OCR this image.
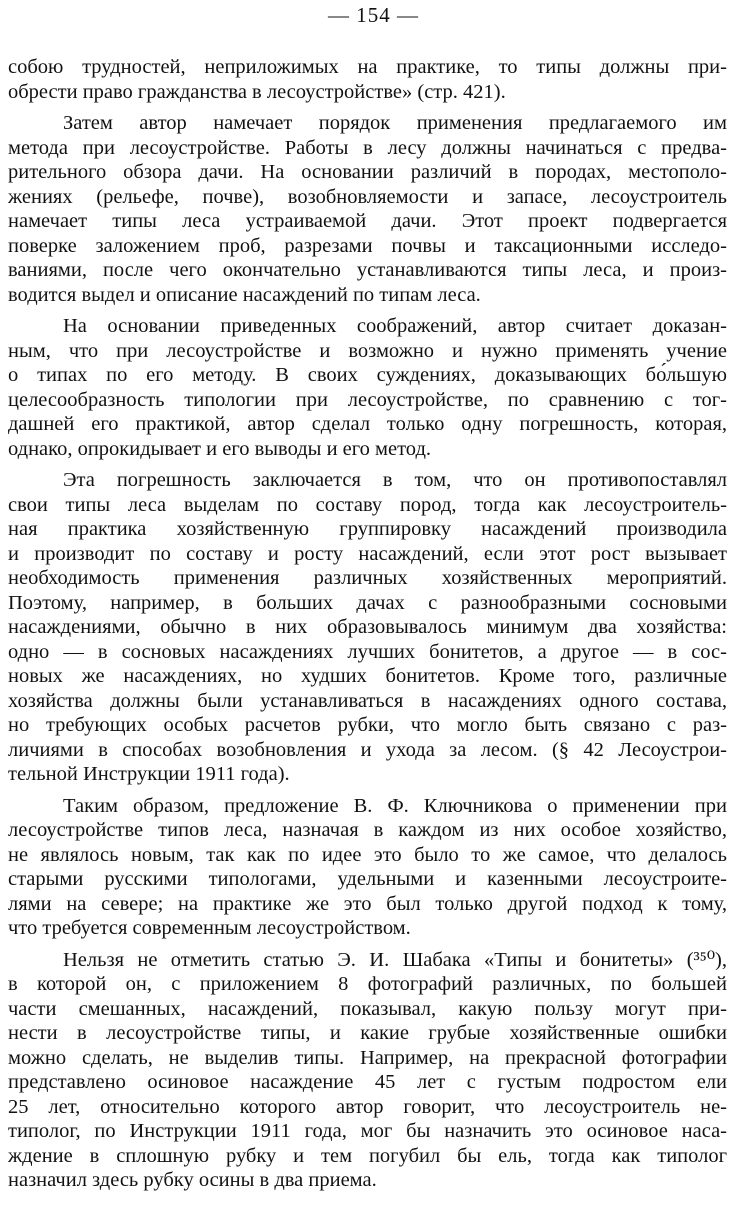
— 154 —
собою трудностей, неприложимых на практике, то типы должны при-
обрести право гражданства в лесоустройстве» (стр. 421).
Затем автор намечает порядок применения предлагаемого им
метода при лесоустройстве. Работы в лесу должны начинаться с предва-
рительного обзора дачи. На основании различий в породах, местополо-
жениях (рельефе, почве), возобновляемости и запасе, лесоустроитель
намечает типы леса устраиваемой дачи. Этот проект подвергается
поверке заложением проб, разрезами почвы и таксационными исследо-
ваниями, после чего окончательно устанавливаются типы леса, и произ-
водится выдел и описание насаждений по типам леса.
На основании приведенных соображений, автор считает доказан-
ным, что при лесоустройстве и возможно и нужно применять учение
о типах по его методу. В своих суждениях, доказывающих бо́льшую
целесообразность типологии при лесоустройстве, по сравнению с тог-
дашней его практикой, автор сделал только одну погрешность, которая,
однако, опрокидывает и его выводы и его метод.
Эта погрешность заключается в том, что он противопоставлял
свои типы леса выделам по составу пород, тогда как лесоустроитель-
ная практика хозяйственную группировку насаждений производила
и производит по составу и росту насаждений, если этот рост вызывает
необходимость применения различных хозяйственных мероприятий.
Поэтому, например, в больших дачах с разнообразными сосновыми
насаждениями, обычно в них образовывалось минимум два хозяйства:
одно — в сосновых насаждениях лучших бонитетов, а другое — в сос-
новых же насаждениях, но худших бонитетов. Кроме того, различные
хозяйства должны были устанавливаться в насаждениях одного состава,
но требующих особых расчетов рубки, что могло быть связано с раз-
личиями в способах возобновления и ухода за лесом. (§ 42 Лесоустрои-
тельной Инструкции 1911 года).
Таким образом, предложение В. Ф. Ключникова о применении при
лесоустройстве типов леса, назначая в каждом из них особое хозяйство,
не являлось новым, так как по идее это было то же самое, что делалось
старыми русскими типологами, удельными и казенными лесоустроите-
лями на севере; на практике же это был только другой подход к тому,
что требуется современным лесоустройством.
Нельзя не отметить статью Э. И. Шабака «Типы и бонитеты» (³⁵⁰),
в которой он, с приложением 8 фотографий различных, по большей
части смешанных, насаждений, показывал, какую пользу могут при-
нести в лесоустройстве типы, и какие грубые хозяйственные ошибки
можно сделать, не выделив типы. Например, на прекрасной фотографии
представлено осиновое насаждение 45 лет с густым подростом ели
25 лет, относительно которого автор говорит, что лесоустроитель не-
типолог, по Инструкции 1911 года, мог бы назначить это осиновое наса-
ждение в сплошную рубку и тем погубил бы ель, тогда как типолог
назначил здесь рубку осины в два приема.
